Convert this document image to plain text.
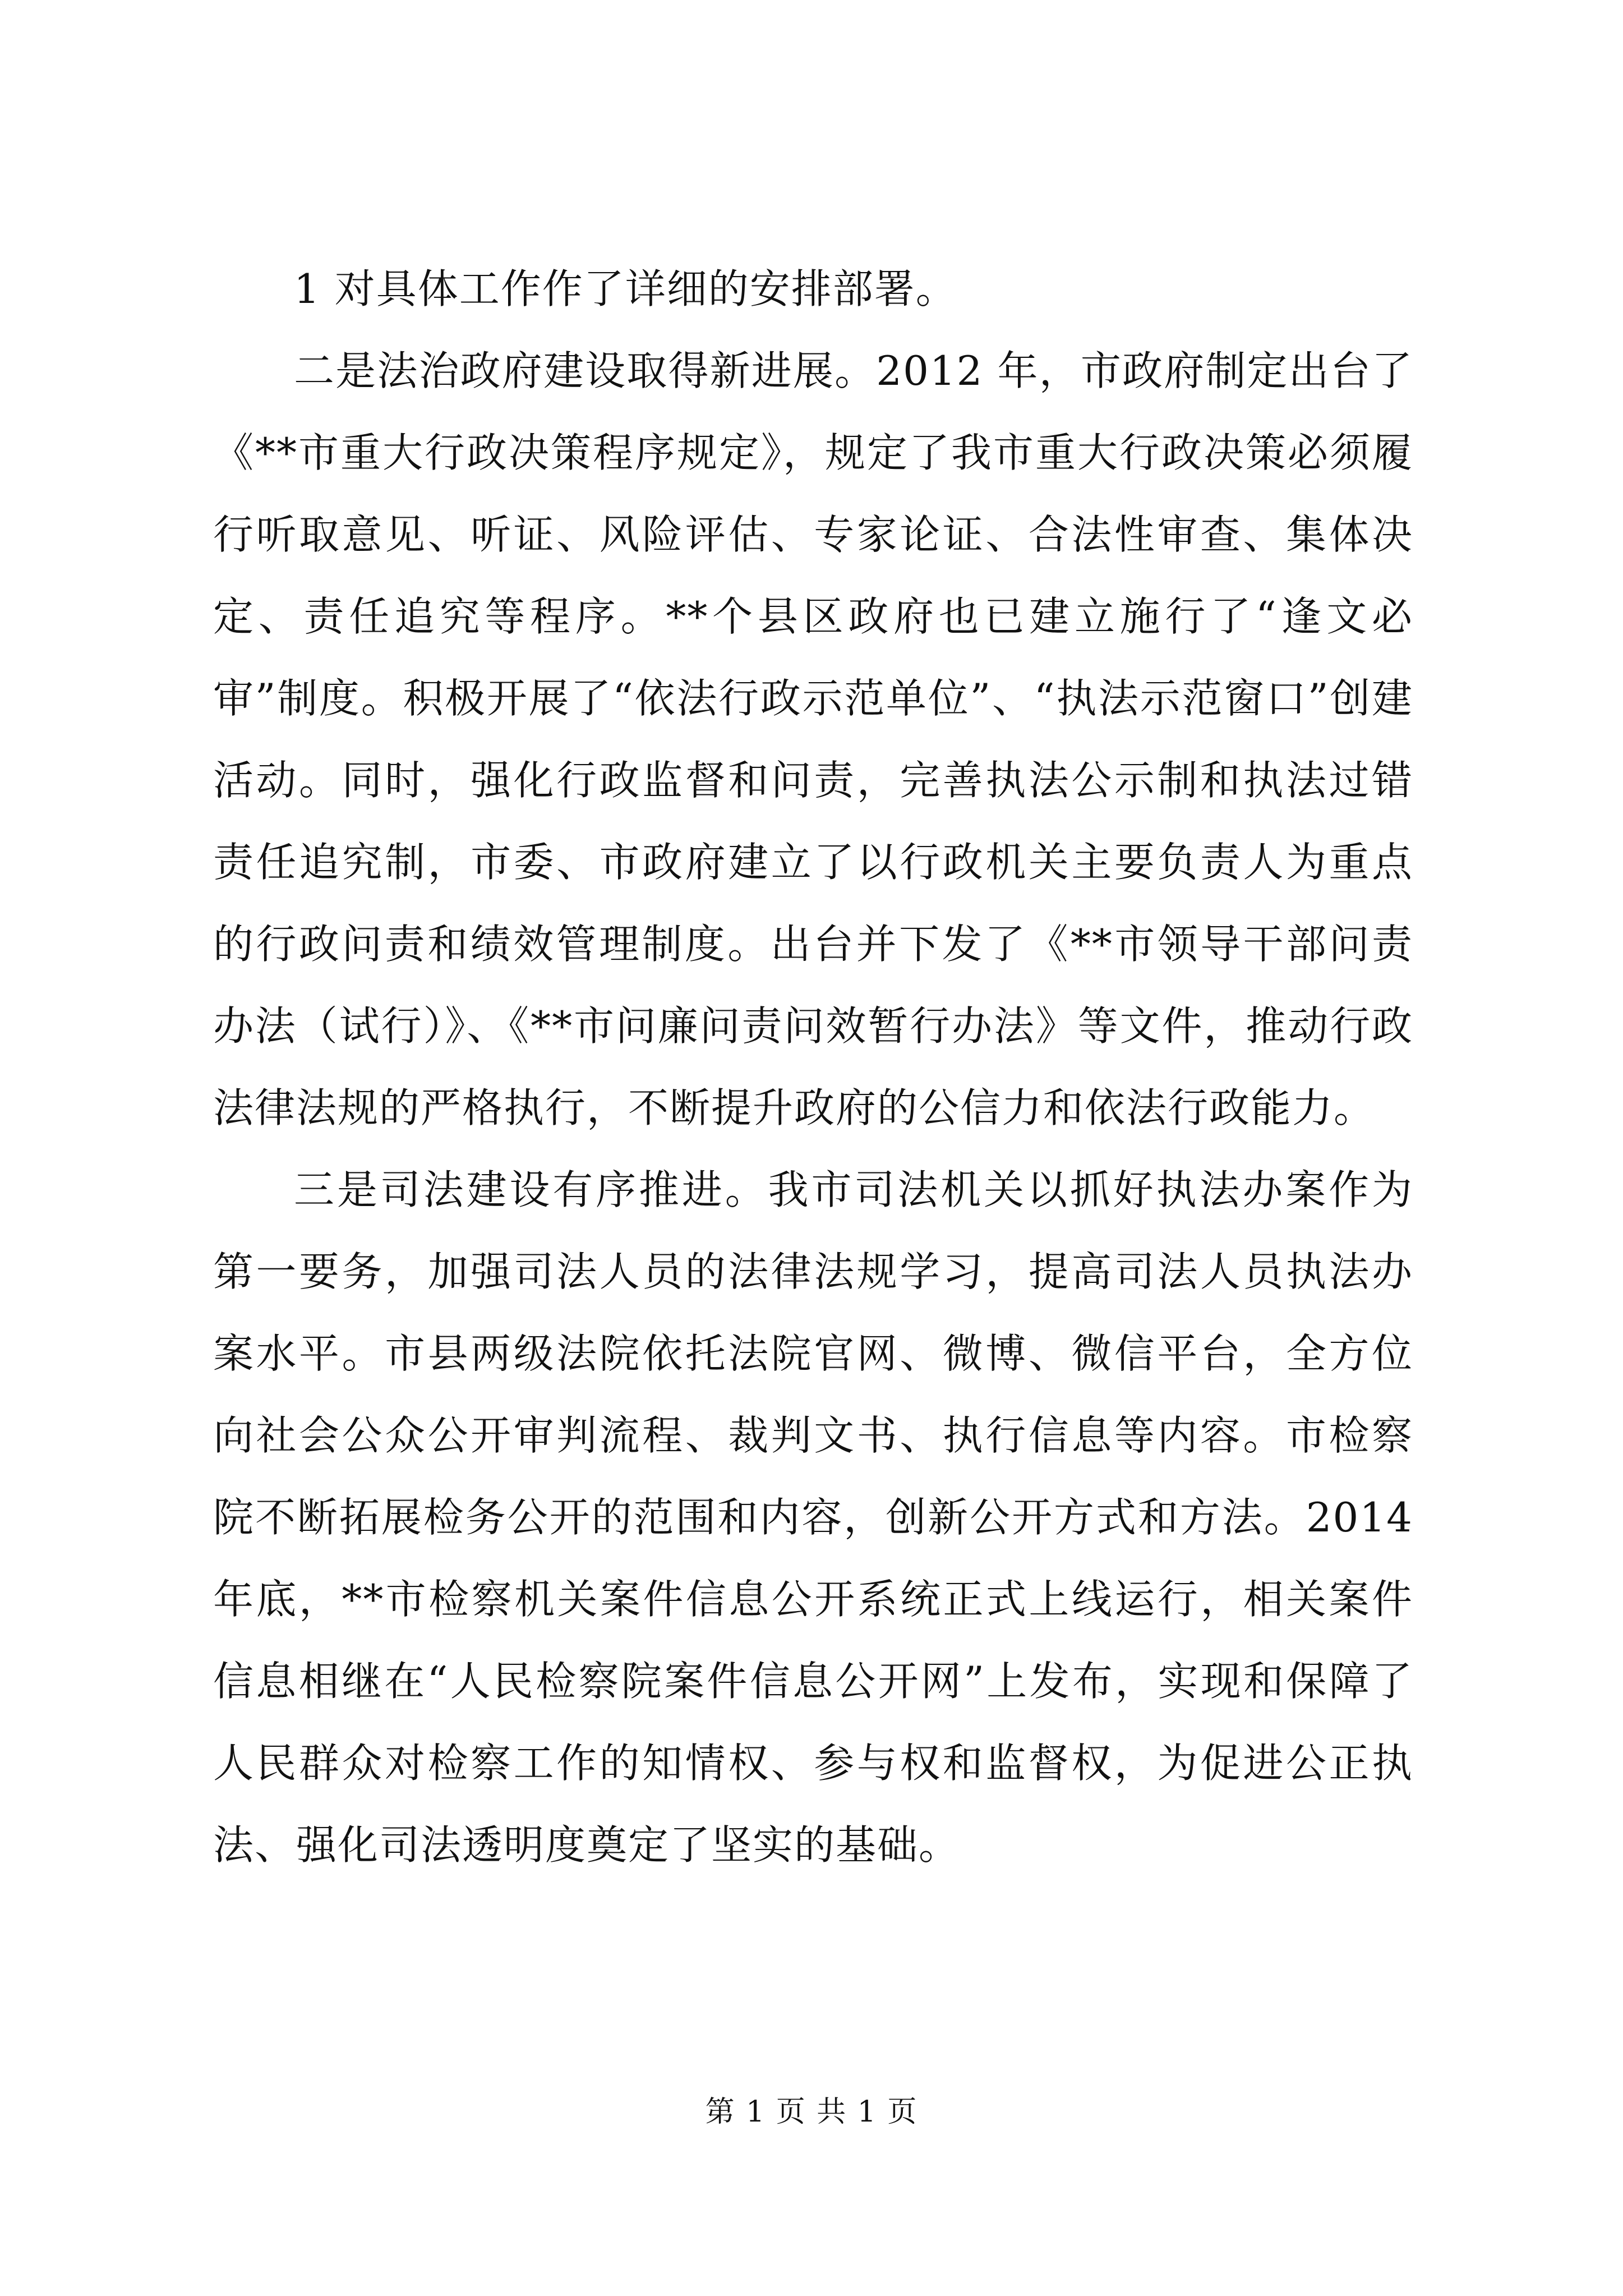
1 对具体工作作了详细的安排部署。

二是法治政府建设取得新进展。2012 年，市政府制定出台了《**市重大行政决策程序规定》，规定了我市重大行政决策必须履行听取意见、听证、风险评估、专家论证、合法性审查、集体决定、责任追究等程序。**个县区政府也已建立施行了“逢文必审”制度。积极开展了“依法行政示范单位”、“执法示范窗口”创建活动。同时，强化行政监督和问责，完善执法公示制和执法过错责任追究制，市委、市政府建立了以行政机关主要负责人为重点的行政问责和绩效管理制度。出台并下发了《**市领导干部问责办法（试行）》、《**市问廉问责问效暂行办法》等文件，推动行政法律法规的严格执行，不断提升政府的公信力和依法行政能力。

三是司法建设有序推进。我市司法机关以抓好执法办案作为第一要务，加强司法人员的法律法规学习，提高司法人员执法办案水平。市县两级法院依托法院官网、微博、微信平台，全方位向社会公众公开审判流程、裁判文书、执行信息等内容。市检察院不断拓展检务公开的范围和内容，创新公开方式和方法。2014年底，**市检察机关案件信息公开系统正式上线运行，相关案件信息相继在“人民检察院案件信息公开网”上发布，实现和保障了人民群众对检察工作的知情权、参与权和监督权，为促进公正执法、强化司法透明度奠定了坚实的基础。

第 1 页 共 1 页
